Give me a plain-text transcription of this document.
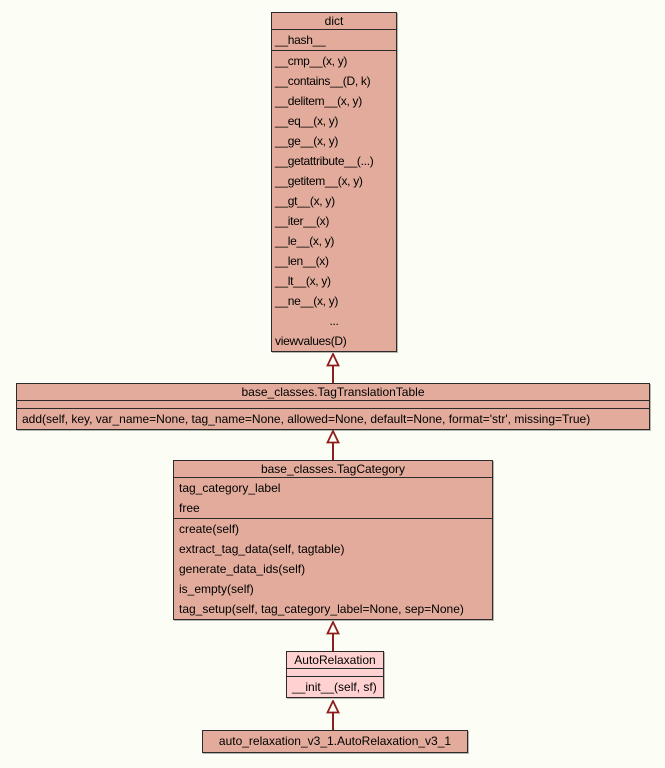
dict
__hash__
__cmp__(x, y)
__contains__(D, k)
__delitem__(x, y)
__eq__(x, y)
__ge__(x, y)
__getattribute__(...)
__getitem__(x, y)
__gt__(x, y)
__iter__(x)
__le__(x, y)
__len__(x)
__lt__(x, y)
__ne__(x, y)
...
viewvalues(D)
base_classes.TagTranslationTable
add(self, key, var_name=None, tag_name=None, allowed=None, default=None, format='str', missing=True)
base_classes.TagCategory
tag_category_label
free
create(self)
extract_tag_data(self, tagtable)
generate_data_ids(self)
is_empty(self)
tag_setup(self, tag_category_label=None, sep=None)
AutoRelaxation
__init__(self, sf)
auto_relaxation_v3_1.AutoRelaxation_v3_1
